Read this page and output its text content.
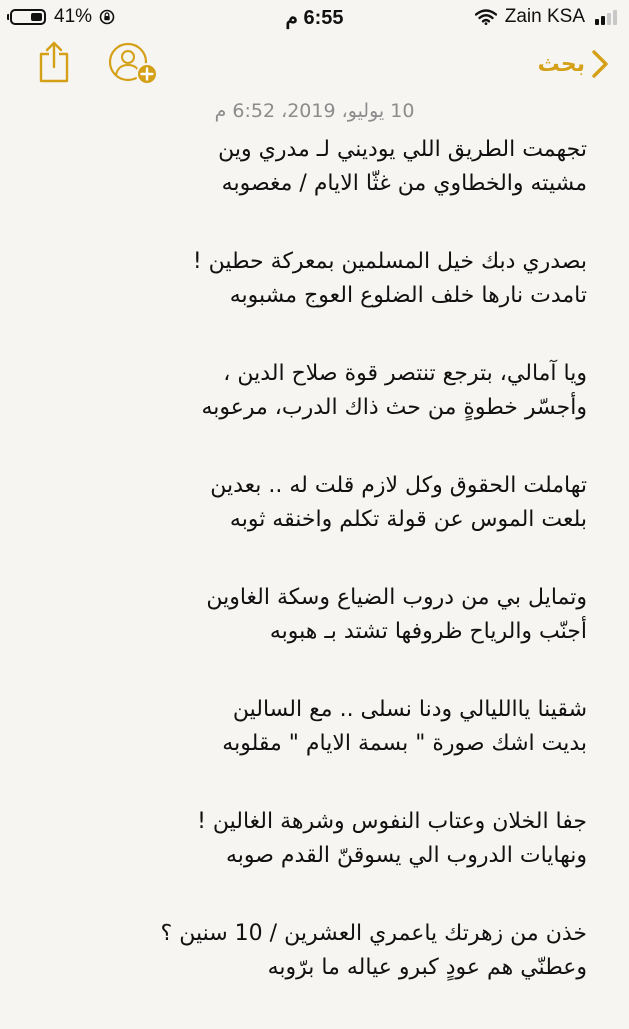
41%	6:55 م	Zain KSA
بحث
10 يوليو، 2019، 6:52 م
تجهمت الطريق اللي يوديني لـ مدري وين
مشيته والخطاوي من غثّا الايام / مغصوبه
بصدري دبك خيل المسلمين بمعركة حطين !
تامدت نارها خلف الضلوع العوج مشبوبه
ويا آمالي، بترجع تنتصر قوة صلاح الدين ،
وأجسّر خطوةٍ من حث ذاك الدرب، مرعوبه
تهاملت الحقوق وكل لازم قلت له .. بعدين
بلعت الموس عن قولة تكلم واخنقه ثوبه
وتمايل بي من دروب الضياع وسكة الغاوين
أجنّب والرياح ظروفها تشتد بـ هبوبه
شقينا ياالليالي ودنا نسلى .. مع السالين
بديت اشك صورة " بسمة الايام " مقلوبه
جفا الخلان وعتاب النفوس وشرهة الغالين !
ونهايات الدروب الي يسوقنّ القدم صوبه
خذن من زهرتك ياعمري العشرين / 10 سنين ؟
وعطنّي هم عودٍ كبرو عياله ما برّوبه
